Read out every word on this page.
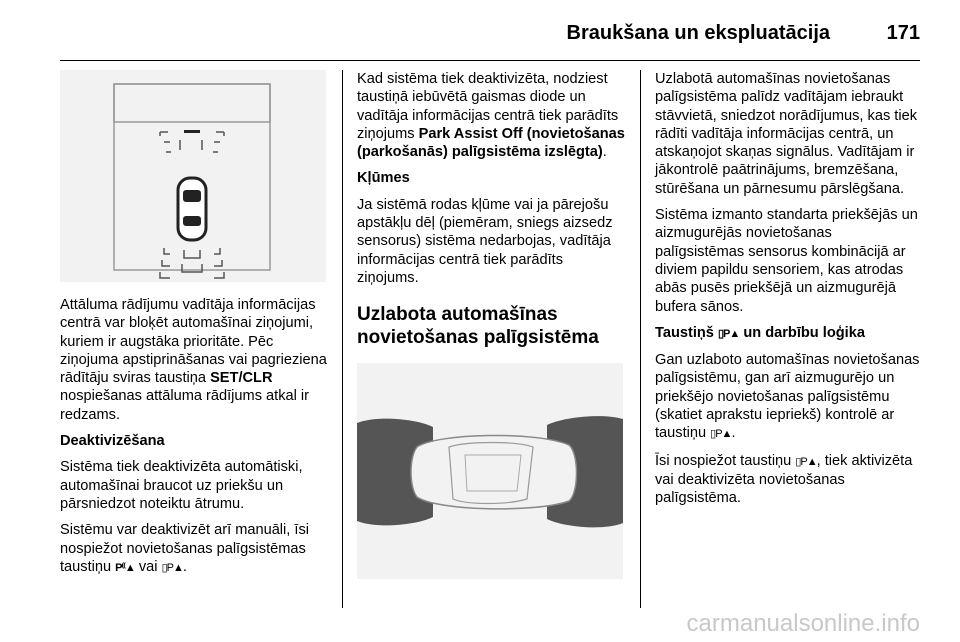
Braukšana un ekspluatācija	171

Attāluma rādījumu vadītāja informācijas centrā var bloķēt automašīnai ziņojumi, kuriem ir augstāka prioritāte. Pēc ziņojuma apstiprināšanas vai pagrieziena rādītāju sviras taustiņa SET/CLR nospiešanas attāluma rādījums atkal ir redzams.

Deaktivizēšana

Sistēma tiek deaktivizēta automātiski, automašīnai braucot uz priekšu un pārsniedzot noteiktu ātrumu.

Sistēmu var deaktivizēt arī manuāli, īsi nospiežot novietošanas palīgsistēmas taustiņu P⁽⁽▲ vai ▯P▲.

Kad sistēma tiek deaktivizēta, nodziest taustiņā iebūvētā gaismas diode un vadītāja informācijas centrā tiek parādīts ziņojums Park Assist Off (novietošanas (parkošanās) palīgsistēma izslēgta).

Kļūmes

Ja sistēmā rodas kļūme vai ja pārejošu apstākļu dēļ (piemēram, sniegs aizsedz sensorus) sistēma nedarbojas, vadītāja informācijas centrā tiek parādīts ziņojums.

Uzlabota automašīnas novietošanas palīgsistēma

Uzlabotā automašīnas novietošanas palīgsistēma palīdz vadītājam iebraukt stāvvietā, sniedzot norādījumus, kas tiek rādīti vadītāja informācijas centrā, un atskaņojot skaņas signālus. Vadītājam ir jākontrolē paātrinājums, bremzēšana, stūrēšana un pārnesumu pārslēgšana.

Sistēma izmanto standarta priekšējās un aizmugurējās novietošanas palīgsistēmas sensorus kombinācijā ar diviem papildu sensoriem, kas atrodas abās pusēs priekšējā un aizmugurējā bufera sānos.

Taustiņš ▯P▲ un darbību loģika

Gan uzlaboto automašīnas novietošanas palīgsistēmu, gan arī aizmugurējo un priekšējo novietošanas palīgsistēmu (skatiet aprakstu iepriekš) kontrolē ar taustiņu ▯P▲.

Īsi nospiežot taustiņu ▯P▲, tiek aktivizēta vai deaktivizēta novietošanas palīgsistēma.

carmanualsonline.info
